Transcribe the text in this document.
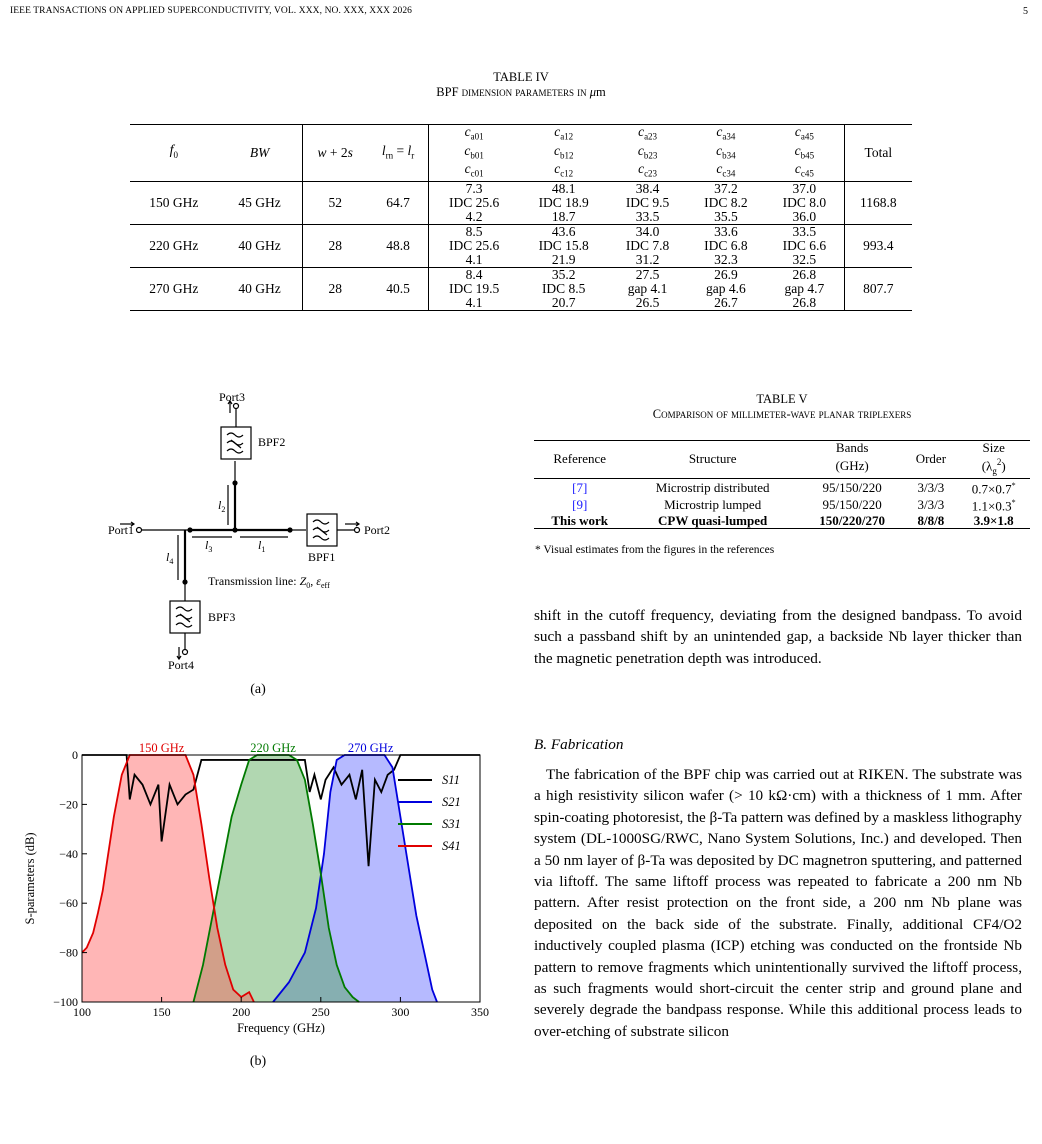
IEEE TRANSACTIONS ON APPLIED SUPERCONDUCTIVITY, VOL. XXX, NO. XXX, XXX 2026	5
TABLE IV
BPF dimension parameters in μm
$f_0$	BW	w + 2s	$l_{rn} = l_r$	$c_{a01}$	$c_{a12}$	$c_{a23}$	$c_{a34}$	$c_{a45}$	Total
				$c_{b01}$	$c_{b12}$	$c_{b23}$	$c_{b34}$	$c_{b45}$
				$c_{c01}$	$c_{c12}$	$c_{c23}$	$c_{c34}$	$c_{c45}$
150 GHz	45 GHz	52	64.7	7.3	48.1	38.4	37.2	37.0	1168.8
				IDC 25.6	IDC 18.9	IDC 9.5	IDC 8.2	IDC 8.0	
				4.2	18.7	33.5	35.5	36.0	
220 GHz	40 GHz	28	48.8	8.5	43.6	34.0	33.6	33.5	993.4
				IDC 25.6	IDC 15.8	IDC 7.8	IDC 6.8	IDC 6.6	
				4.1	21.9	31.2	32.3	32.5	
270 GHz	40 GHz	28	40.5	8.4	35.2	27.5	26.9	26.8	807.7
				IDC 19.5	IDC 8.5	gap 4.1	gap 4.6	gap 4.7	
				4.1	20.7	26.5	26.7	26.8	
Port3
Port1	Port2
Port4
BPF2
BPF1
BPF3
$l_2$
$l_4$
$l_3$	$l_1$
Transmission line: $Z_0$, $\varepsilon_{eff}$
(a)
100	150	200	250	300	350
0
−20
−40
−60
−80
−100
Frequency (GHz)
S-parameters (dB)
150 GHz	220 GHz	270 GHz
S11
S21
S31
S41
(b)
TABLE V
Comparison of millimeter-wave planar triplexers
Reference	Structure	Bands	Order	Size
		(GHz)		$(\lambda_g^2)$
[7]	Microstrip distributed	95/150/220	3/3/3	0.7×0.7*
[9]	Microstrip lumped	95/150/220	3/3/3	1.1×0.3*
This work	CPW quasi-lumped	150/220/270	8/8/8	3.9×1.8
* Visual estimates from the figures in the references
shift in the cutoff frequency, deviating from the designed bandpass. To avoid such a passband shift by an unintended gap, a backside Nb layer thicker than the magnetic penetration depth was introduced.
B. Fabrication
The fabrication of the BPF chip was carried out at RIKEN. The substrate was a high resistivity silicon wafer (> 10 kΩ·cm) with a thickness of 1 mm. After spin-coating photoresist, the β-Ta pattern was defined by a maskless lithography system (DL-1000SG/RWC, Nano System Solutions, Inc.) and developed. Then a 50 nm layer of β-Ta was deposited by DC magnetron sputtering, and patterned via liftoff. The same liftoff process was repeated to fabricate a 200 nm Nb pattern. After resist protection on the front side, a 200 nm Nb plane was deposited on the back side of the substrate. Finally, additional CF4/O2 inductively coupled plasma (ICP) etching was conducted on the frontside Nb pattern to remove fragments which unintentionally survived the liftoff process, as such fragments would short-circuit the center strip and ground plane and severely degrade the bandpass response. While this additional process leads to over-etching of substrate silicon
